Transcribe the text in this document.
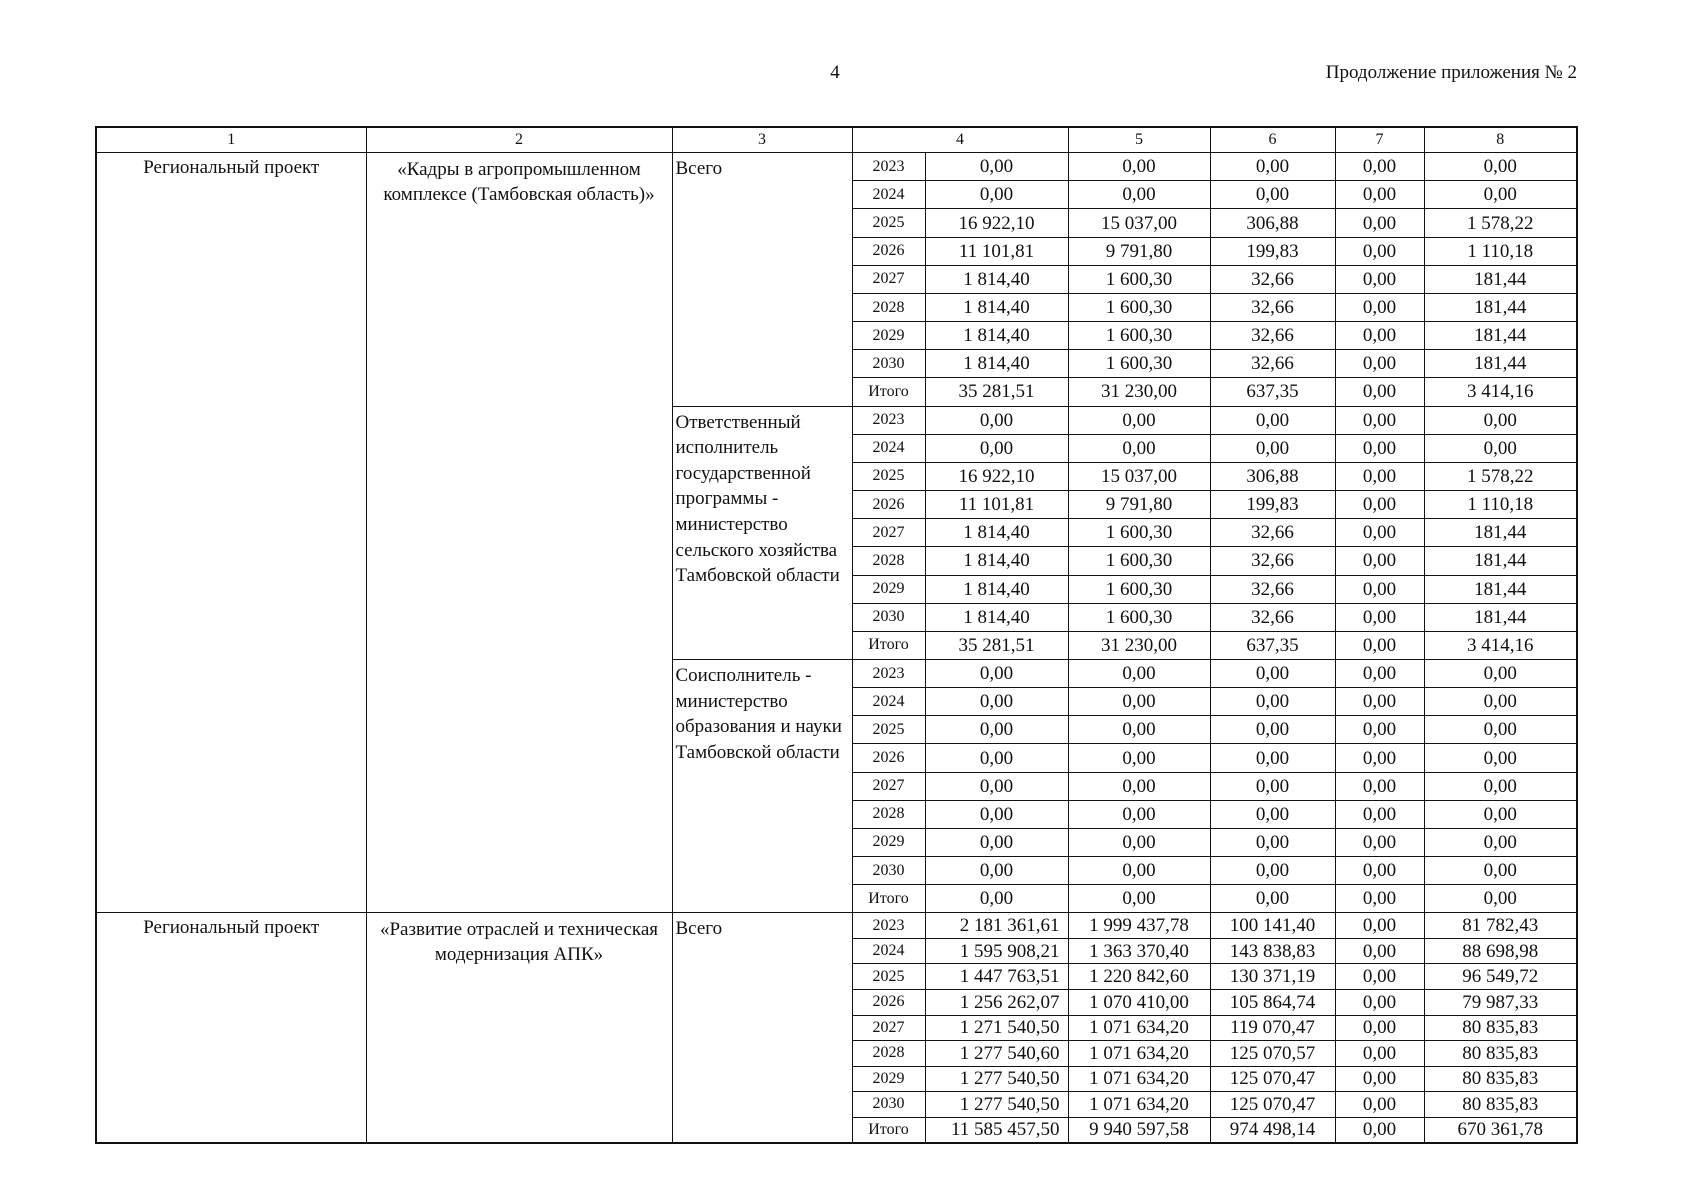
4	Продолжение приложения № 2
1	2	3	4		5	6	7	8
Региональный проект	«Кадры в агропромышленном комплексе (Тамбовская область)»	Всего	2023	0,00	0,00	0,00	0,00	0,00
			2024	0,00	0,00	0,00	0,00	0,00
			2025	16 922,10	15 037,00	306,88	0,00	1 578,22
			2026	11 101,81	9 791,80	199,83	0,00	1 110,18
			2027	1 814,40	1 600,30	32,66	0,00	181,44
			2028	1 814,40	1 600,30	32,66	0,00	181,44
			2029	1 814,40	1 600,30	32,66	0,00	181,44
			2030	1 814,40	1 600,30	32,66	0,00	181,44
			Итого	35 281,51	31 230,00	637,35	0,00	3 414,16
		Ответственный исполнитель государственной программы - министерство сельского хозяйства Тамбовской области	2023	0,00	0,00	0,00	0,00	0,00
			2024	0,00	0,00	0,00	0,00	0,00
			2025	16 922,10	15 037,00	306,88	0,00	1 578,22
			2026	11 101,81	9 791,80	199,83	0,00	1 110,18
			2027	1 814,40	1 600,30	32,66	0,00	181,44
			2028	1 814,40	1 600,30	32,66	0,00	181,44
			2029	1 814,40	1 600,30	32,66	0,00	181,44
			2030	1 814,40	1 600,30	32,66	0,00	181,44
			Итого	35 281,51	31 230,00	637,35	0,00	3 414,16
		Соисполнитель - министерство образования и науки Тамбовской области	2023	0,00	0,00	0,00	0,00	0,00
			2024	0,00	0,00	0,00	0,00	0,00
			2025	0,00	0,00	0,00	0,00	0,00
			2026	0,00	0,00	0,00	0,00	0,00
			2027	0,00	0,00	0,00	0,00	0,00
			2028	0,00	0,00	0,00	0,00	0,00
			2029	0,00	0,00	0,00	0,00	0,00
			2030	0,00	0,00	0,00	0,00	0,00
			Итого	0,00	0,00	0,00	0,00	0,00
Региональный проект	«Развитие отраслей и техническая модернизация АПК»	Всего	2023	2 181 361,61	1 999 437,78	100 141,40	0,00	81 782,43
			2024	1 595 908,21	1 363 370,40	143 838,83	0,00	88 698,98
			2025	1 447 763,51	1 220 842,60	130 371,19	0,00	96 549,72
			2026	1 256 262,07	1 070 410,00	105 864,74	0,00	79 987,33
			2027	1 271 540,50	1 071 634,20	119 070,47	0,00	80 835,83
			2028	1 277 540,60	1 071 634,20	125 070,57	0,00	80 835,83
			2029	1 277 540,50	1 071 634,20	125 070,47	0,00	80 835,83
			2030	1 277 540,50	1 071 634,20	125 070,47	0,00	80 835,83
			Итого	11 585 457,50	9 940 597,58	974 498,14	0,00	670 361,78
